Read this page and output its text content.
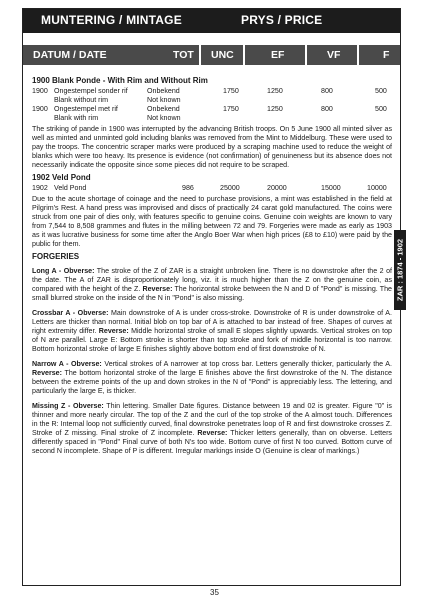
MUNTERING / MINTAGE	PRYS / PRICE
DATUM / DATE	TOT UNC	EF	VF	F
1900 Blank Ponde - With Rim and Without Rim
1900 Ongestempel sonder rif	Onbekend	1750	1250	800	500
Blank without rim	Not known
1900 Ongestempel met rif	Onbekend	1750	1250	800	500
Blank with rim	Not known

The striking of pande in 1900 was interrupted by the advancing British troops. On 5 June 1900 all minted silver as well as minted and unminted gold including blanks was removed from the Mint to Middelburg. These were used to pay the troops. The concentric scraper marks were produced by a scraping machine used to reduce the weight of blanks which were too heavy. Its presence is evidence (not confirmation) of genuineness but its absence does not necessarily indicate the opposite since some pieces did not require to be scraped.

1902 Veld Pond
1902 Veld Pond	986	25000	20000	15000	10000

Due to the acute shortage of coinage and the need to purchase provisions, a mint was established in the field at Pilgrim's Rest. A hand press was improvised and discs of practically 24 carat gold manufactured. The coins were struck from one pair of dies only, with features specific to genuine coins. Genuine coin weights are known to vary from 7,544 to 8,508 grammes and flutes in the milling between 72 and 79. Forgeries were made as early as 1903 as it was lucrative business for some time after the Anglo Boer War when high prices (£8 to £10) were paid by the public for them.

FORGERIES

Long A - Obverse: The stroke of the Z of ZAR is a straight unbroken line. There is no downstroke after the 2 of the date. The A of ZAR is disproportionately long, viz. it is much higher than the Z on the genuine coin, as compared with the height of the Z. Reverse: The horizontal stroke between the N and D of "Pond" is missing. The small blurred stroke on the inside of the N in "Pond" is also missing.

Crossbar A - Obverse: Main downstroke of A is under cross-stroke. Downstroke of R is under downstroke of A. Letters are thicker than normal. Initial blob on top bar of A is attached to bar instead of free. Shapes of curves at right extremity differ. Reverse: Middle horizontal stroke of small E slopes slightly upwards. Vertical strokes on top of N are parallel. Large E: Bottom stroke is shorter than top stroke and fork of middle horizontal is too narrow. Bottom horizontal stroke of large E finishes slightly above bottom end of first downstroke of N.

Narrow A - Obverse: Vertical strokes of A narrower at top cross bar. Letters generally thicker, particularly the A. Reverse: The bottom horizontal stroke of the large E finishes above the first downstroke of the N. The distance between the extreme points of the up and down strokes in the N of "Pond" is appreciably less. The lettering, and particularly the large E, is thicker.

Missing Z - Obverse: Thin lettering. Smaller Date figures. Distance between 19 and 02 is greater. Figure "0" is thinner and more nearly circular. The top of the Z and the curl of the top stroke of the A almost touch. Differences in the R: Internal loop not sufficiently curved, final downstroke penetrates loop of R and first downstroke crosses Z. Stroke of Z missing. Final stroke of Z incomplete. Reverse: Thicker letters generally, than on obverse. Letters differently spaced in "Pond" Final curve of both N's too wide. Bottom curve of first N too curved. Bottom curve of second N incomplete. Shape of P is different. Irregular markings inside O (Genuine is clear of markings.)

ZAR : 1874 - 1902
35
